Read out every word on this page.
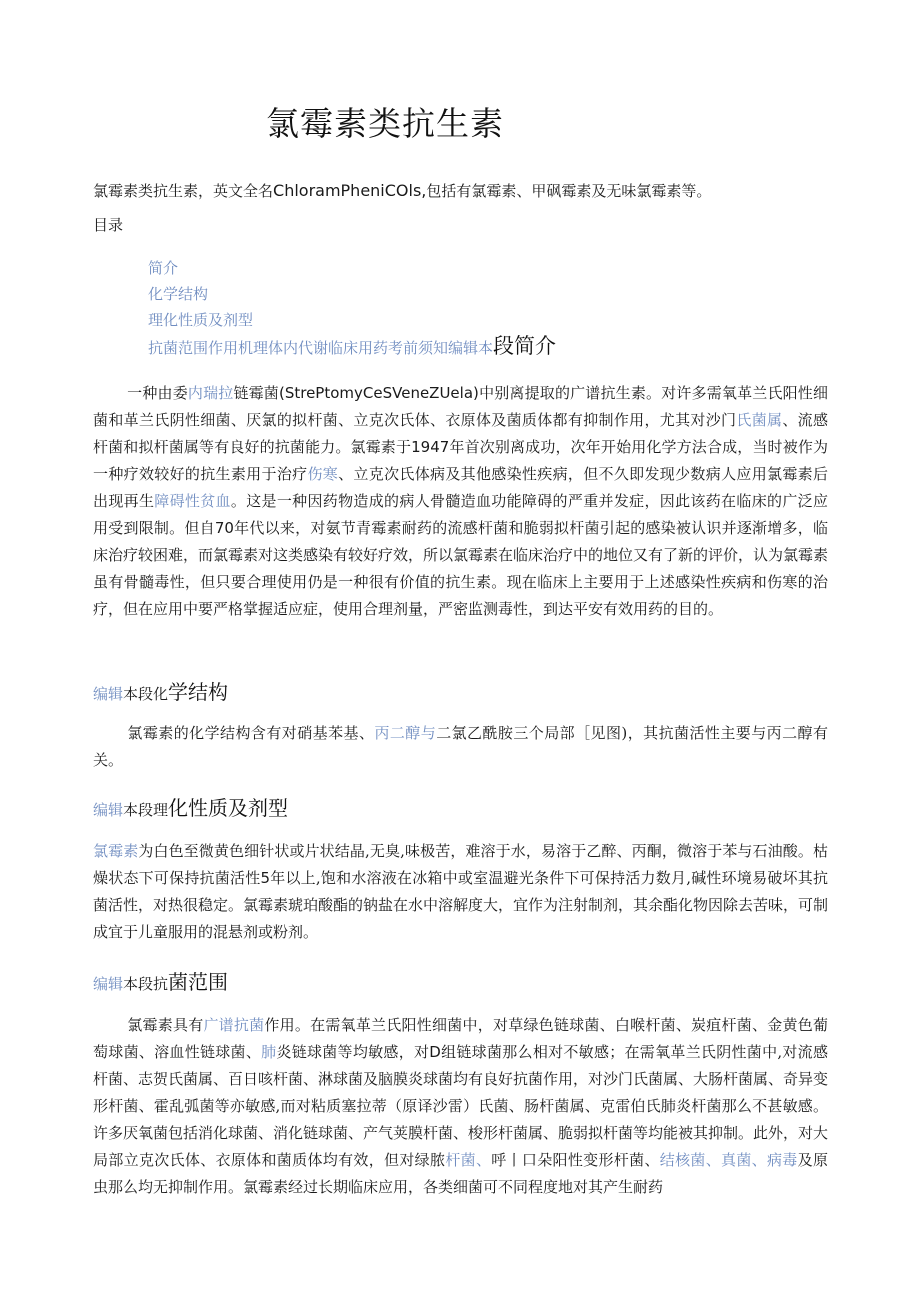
氯霉素类抗生素

氯霉素类抗生素，英文全名ChloramPheniCOls,包括有氯霉素、甲砜霉素及无味氯霉素等。

目录

简介
化学结构
理化性质及剂型
抗菌范围作用机理体内代谢临床用药考前须知编辑本段简介

一种由委内瑞拉链霉菌(StrePtomyCeSVeneZUela)中别离提取的广谱抗生素。对许多需氧革兰氏阳性细菌和革兰氏阴性细菌、厌氯的拟杆菌、立克次氏体、衣原体及菌质体都有抑制作用，尤其对沙门氏菌属、流感杆菌和拟杆菌属等有良好的抗菌能力。氯霉素于1947年首次别离成功，次年开始用化学方法合成，当时被作为一种疗效较好的抗生素用于治疗伤寒、立克次氏体病及其他感染性疾病，但不久即发现少数病人应用氯霉素后出现再生障碍性贫血。这是一种因药物造成的病人骨髓造血功能障碍的严重并发症，因此该药在临床的广泛应用受到限制。但自70年代以来，对氨节青霉素耐药的流感杆菌和脆弱拟杆菌引起的感染被认识并逐渐增多，临床治疗较困难，而氯霉素对这类感染有较好疗效，所以氯霉素在临床治疗中的地位又有了新的评价，认为氯霉素虽有骨髓毒性，但只要合理使用仍是一种很有价值的抗生素。现在临床上主要用于上述感染性疾病和伤寒的治疗，但在应用中要严格掌握适应症，使用合理剂量，严密监测毒性，到达平安有效用药的目的。

编辑本段化学结构

氯霉素的化学结构含有对硝基苯基、丙二醇与二氯乙酰胺三个局部［见图)，其抗菌活性主要与丙二醇有关。

编辑本段理化性质及剂型

氯霉素为白色至微黄色细针状或片状结晶,无臭,味极苦，难溶于水，易溶于乙醉、丙酮，微溶于苯与石油酸。枯燥状态下可保持抗菌活性5年以上,饱和水溶液在冰箱中或室温避光条件下可保持活力数月,碱性环境易破坏其抗菌活性，对热很稳定。氯霉素琥珀酸酯的钠盐在水中溶解度大，宜作为注射制剂，其余酯化物因除去苦味，可制成宜于儿童服用的混悬剂或粉剂。

编辑本段抗菌范围

氯霉素具有广谱抗菌作用。在需氧革兰氏阳性细菌中，对草绿色链球菌、白喉杆菌、炭疽杆菌、金黄色葡萄球菌、溶血性链球菌、肺炎链球菌等均敏感，对D组链球菌那么相对不敏感；在需氧革兰氏阴性菌中,对流感杆菌、志贺氏菌属、百日咳杆菌、淋球菌及脑膜炎球菌均有良好抗菌作用，对沙门氏菌属、大肠杆菌属、奇异变形杆菌、霍乱弧菌等亦敏感,而对粘质塞拉蒂（原译沙雷）氏菌、肠杆菌属、克雷伯氏肺炎杆菌那么不甚敏感。许多厌氧菌包括消化球菌、消化链球菌、产气荚膜杆菌、梭形杆菌属、脆弱拟杆菌等均能被其抑制。此外，对大局部立克次氏体、衣原体和菌质体均有效，但对绿脓杆菌、呼丨口朵阳性变形杆菌、结核菌、真菌、病毒及原虫那么均无抑制作用。氯霉素经过长期临床应用，各类细菌可不同程度地对其产生耐药
